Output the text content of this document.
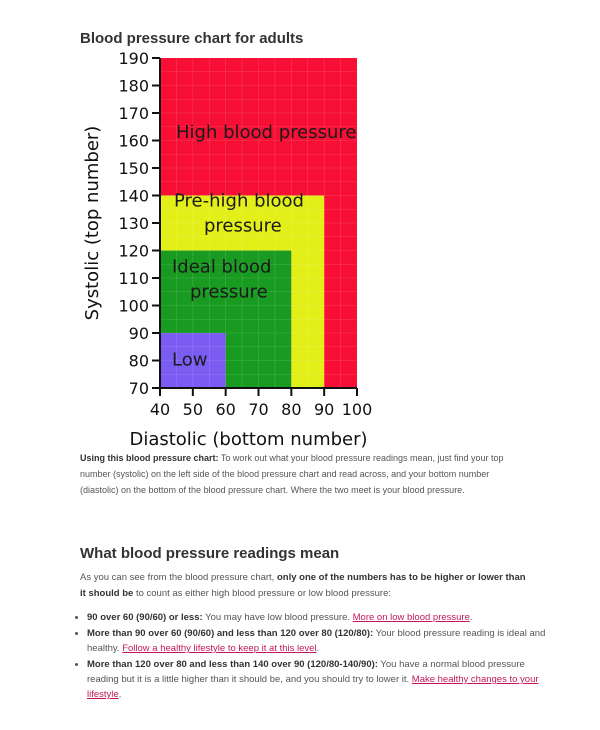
Blood pressure chart for adults
High blood pressure
Pre-high blood
pressure
Ideal blood
pressure
Low
70
80
90
100
110
120
130
140
150
160
170
180
190
40 50 60 70 80 90 100
Diastolic (bottom number)
Systolic (top number)
Using this blood pressure chart: To work out what your blood pressure readings mean, just find your top number (systolic) on the left side of the blood pressure chart and read across, and your bottom number (diastolic) on the bottom of the blood pressure chart. Where the two meet is your blood pressure.
What blood pressure readings mean
As you can see from the blood pressure chart, only one of the numbers has to be higher or lower than it should be to count as either high blood pressure or low blood pressure:
• 90 over 60 (90/60) or less: You may have low blood pressure. More on low blood pressure.
• More than 90 over 60 (90/60) and less than 120 over 80 (120/80): Your blood pressure reading is ideal and healthy. Follow a healthy lifestyle to keep it at this level.
• More than 120 over 80 and less than 140 over 90 (120/80-140/90): You have a normal blood pressure reading but it is a little higher than it should be, and you should try to lower it. Make healthy changes to your lifestyle.
